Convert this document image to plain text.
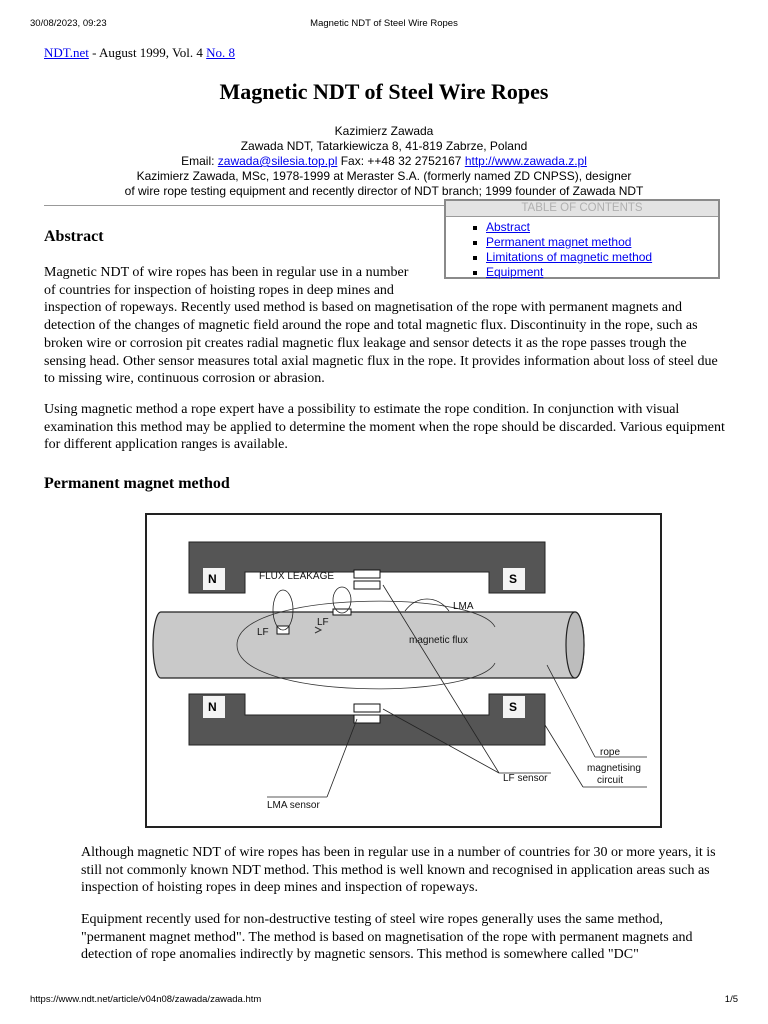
30/08/2023, 09:23	Magnetic NDT of Steel Wire Ropes
NDT.net - August 1999, Vol. 4 No. 8
Magnetic NDT of Steel Wire Ropes
Kazimierz Zawada
Zawada NDT, Tatarkiewicza 8, 41-819 Zabrze, Poland
Email: zawada@silesia.top.pl Fax: ++48 32 2752167 http://www.zawada.z.pl
Kazimierz Zawada, MSc, 1978-1999 at Meraster S.A. (formerly named ZD CNPSS), designer
of wire rope testing equipment and recently director of NDT branch; 1999 founder of Zawada NDT
TABLE OF CONTENTS
Abstract
Permanent magnet method
Limitations of magnetic method
Equipment
Abstract
Magnetic NDT of wire ropes has been in regular use in a number
of countries for inspection of hoisting ropes in deep mines and
inspection of ropeways. Recently used method is based on magnetisation of the rope with permanent magnets and detection of the changes of magnetic field around the rope and total magnetic flux. Discontinuity in the rope, such as broken wire or corrosion pit creates radial magnetic flux leakage and sensor detects it as the rope passes trough the sensing head. Other sensor measures total axial magnetic flux in the rope. It provides information about loss of steel due to missing wire, continuous corrosion or abrasion.

Using magnetic method a rope expert have a possibility to estimate the rope condition. In conjunction with visual examination this method may be applied to determine the moment when the rope should be discarded. Various equipment for different application ranges is available.

Permanent magnet method
N	S
N	S
FLUX LEAKAGE
LF
LF
LMA
magnetic flux
rope
magnetising
circuit
LF sensor
LMA sensor

Although magnetic NDT of wire ropes has been in regular use in a number of countries for 30 or more years, it is still not commonly known NDT method. This method is well known and recognised in application areas such as inspection of hoisting ropes in deep mines and inspection of ropeways.

Equipment recently used for non-destructive testing of steel wire ropes generally uses the same method, "permanent magnet method". The method is based on magnetisation of the rope with permanent magnets and detection of rope anomalies indirectly by magnetic sensors. This method is somewhere called "DC"

https://www.ndt.net/article/v04n08/zawada/zawada.htm	1/5
